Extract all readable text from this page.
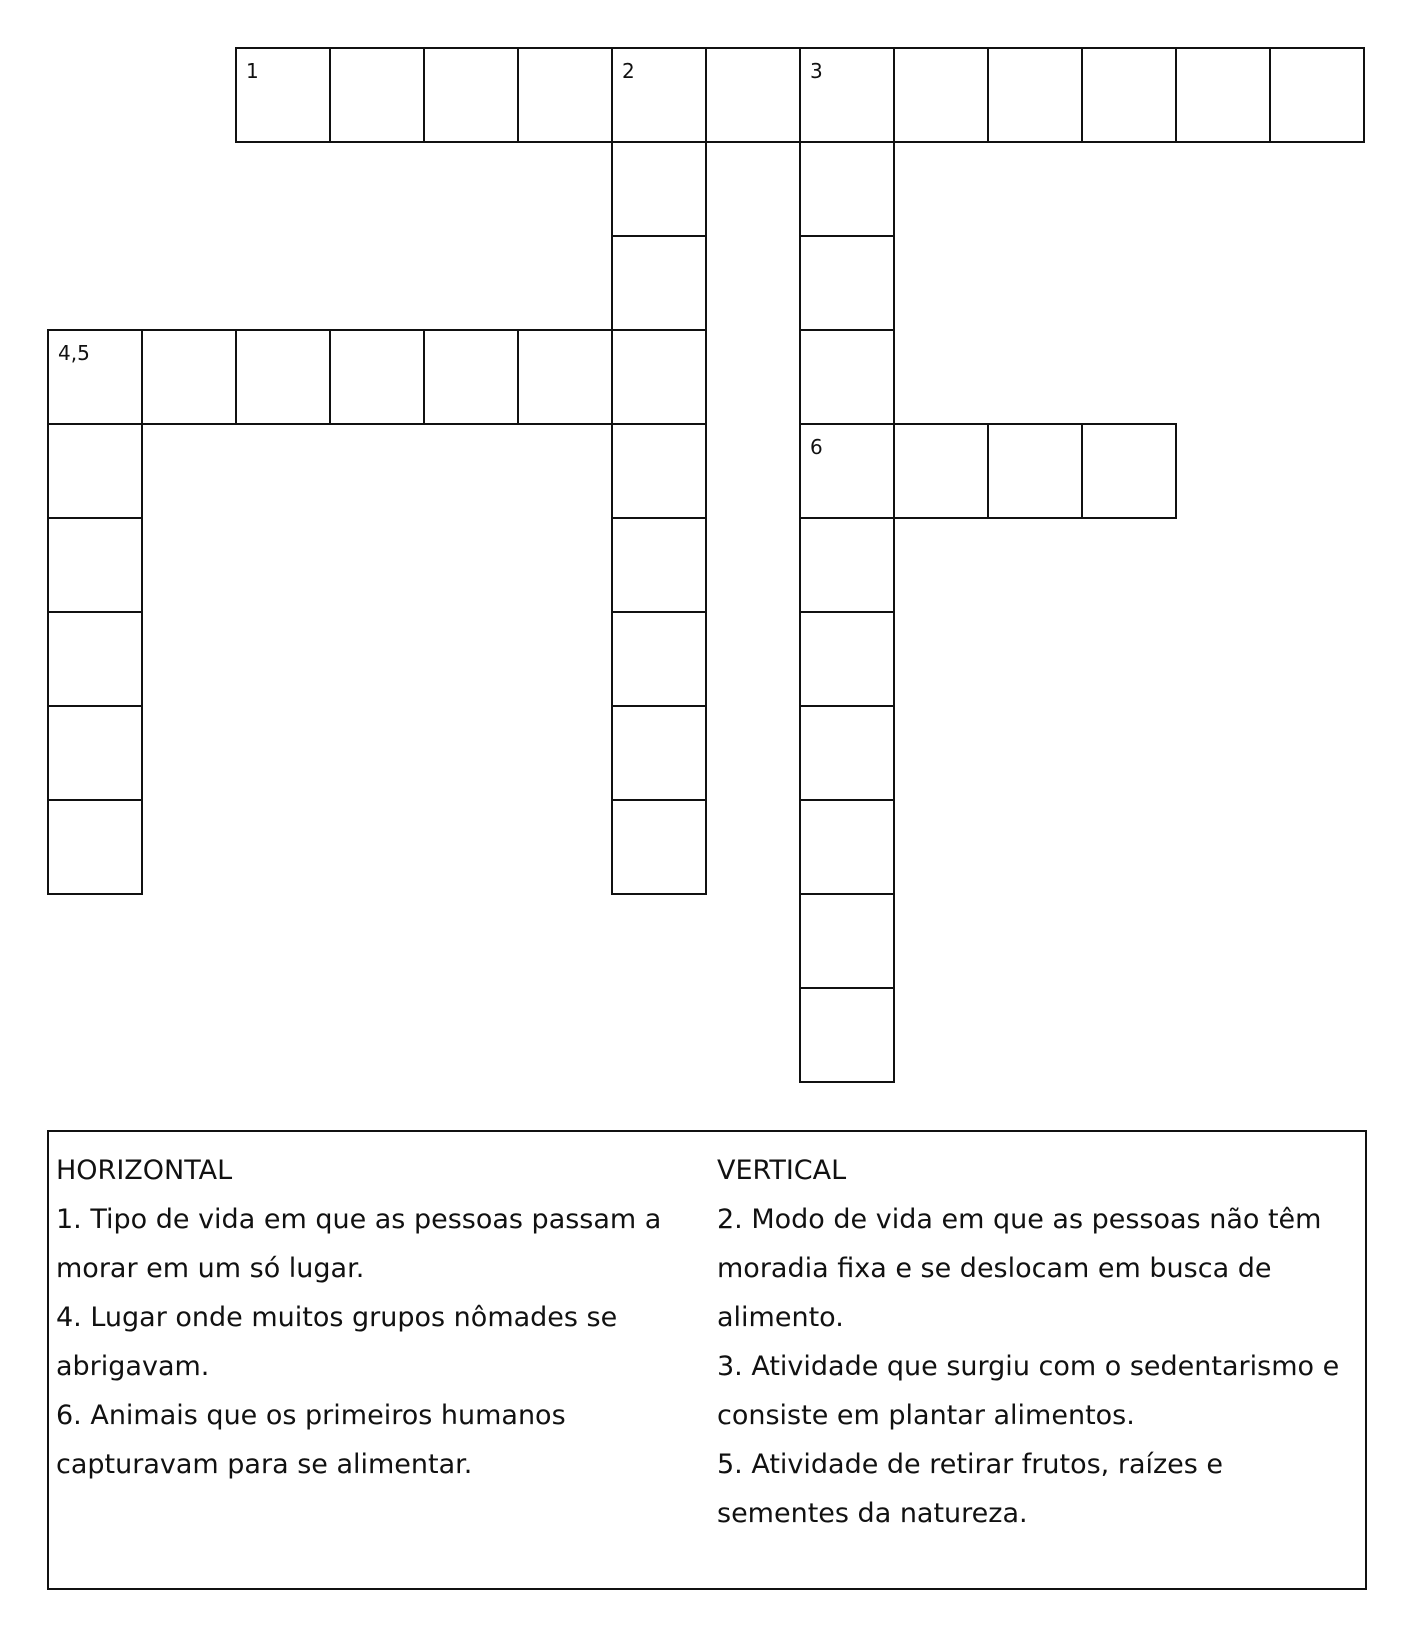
1	2	3
4,5
6
HORIZONTAL
1. Tipo de vida em que as pessoas passam a morar em um só lugar.
4. Lugar onde muitos grupos nômades se abrigavam.
6. Animais que os primeiros humanos capturavam para se alimentar.
VERTICAL
2. Modo de vida em que as pessoas não têm moradia fixa e se deslocam em busca de alimento.
3. Atividade que surgiu com o sedentarismo e consiste em plantar alimentos.
5. Atividade de retirar frutos, raízes e sementes da natureza.
